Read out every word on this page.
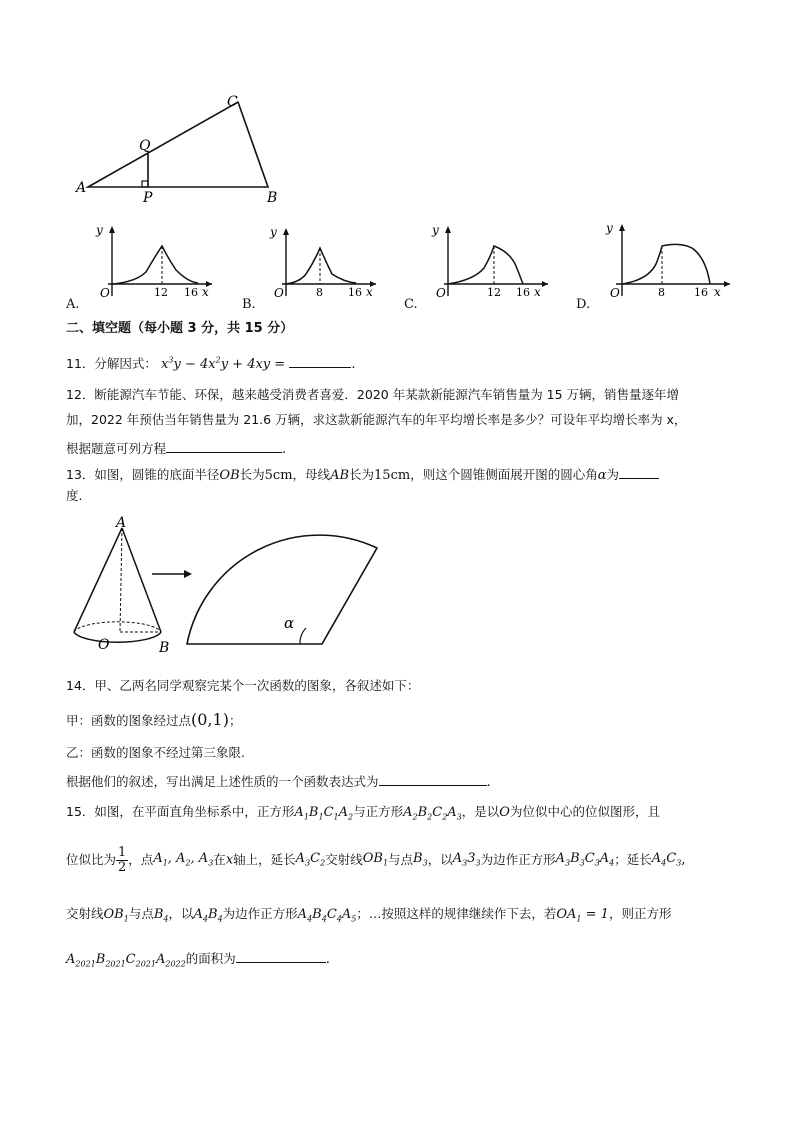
C
Q
A
P	B
A.
y
O	12 16 x
B.
y
O	8 16 x
C.
y
O	12 16 x
D.
y
O	8	16 x
二、填空题（每小题 3 分，共 15 分）
11．分解因式： $x^3y - 4x^2y + 4xy$ =	.
12．断能源汽车节能、环保，越来越受消费者喜爱．2020 年某款新能源汽车销售量为 15 万辆，销售量逐年增
加，2022 年预估当年销售量为 21.6 万辆，求这款新能源汽车的年平均增长率是多少？可设年平均增长率为 x，
根据题意可列方程	.
13．如图，圆锥的底面半径OB长为5cm，母线AB长为15cm，则这个圆锥侧面展开图的圆心角α为
度.
A
O	B
α
14．甲、乙两名同学观察完某个一次函数的图象，各叙述如下：
甲：函数的图象经过点(0,1)；
乙：函数的图象不经过第三象限.
根据他们的叙述，写出满足上述性质的一个函数表达式为	.
15．如图，在平面直角坐标系中，正方形$A_1B_1C_1A_2$与正方形$A_2B_2C_2A_3$，是以O为位似中心的位似图形，且
位似比为 $\frac{1}{2}$ ，点$A_1$, $A_2$, $A_3$在x轴上，延长$A_3C_2$交射线$OB_1$与点$B_3$，以$A_33_3$为边作正方形$A_3B_3C_3A_4$；延长$A_4C_3$,
交射线$OB_1$与点$B_4$，以$A_4B_4$为边作正方形$A_4B_4C_4A_5$；…按照这样的规律继续作下去，若$OA_1 = 1$，则正方形
$A_{2021}B_{2021}C_{2021}A_{2022}$的面积为	.
